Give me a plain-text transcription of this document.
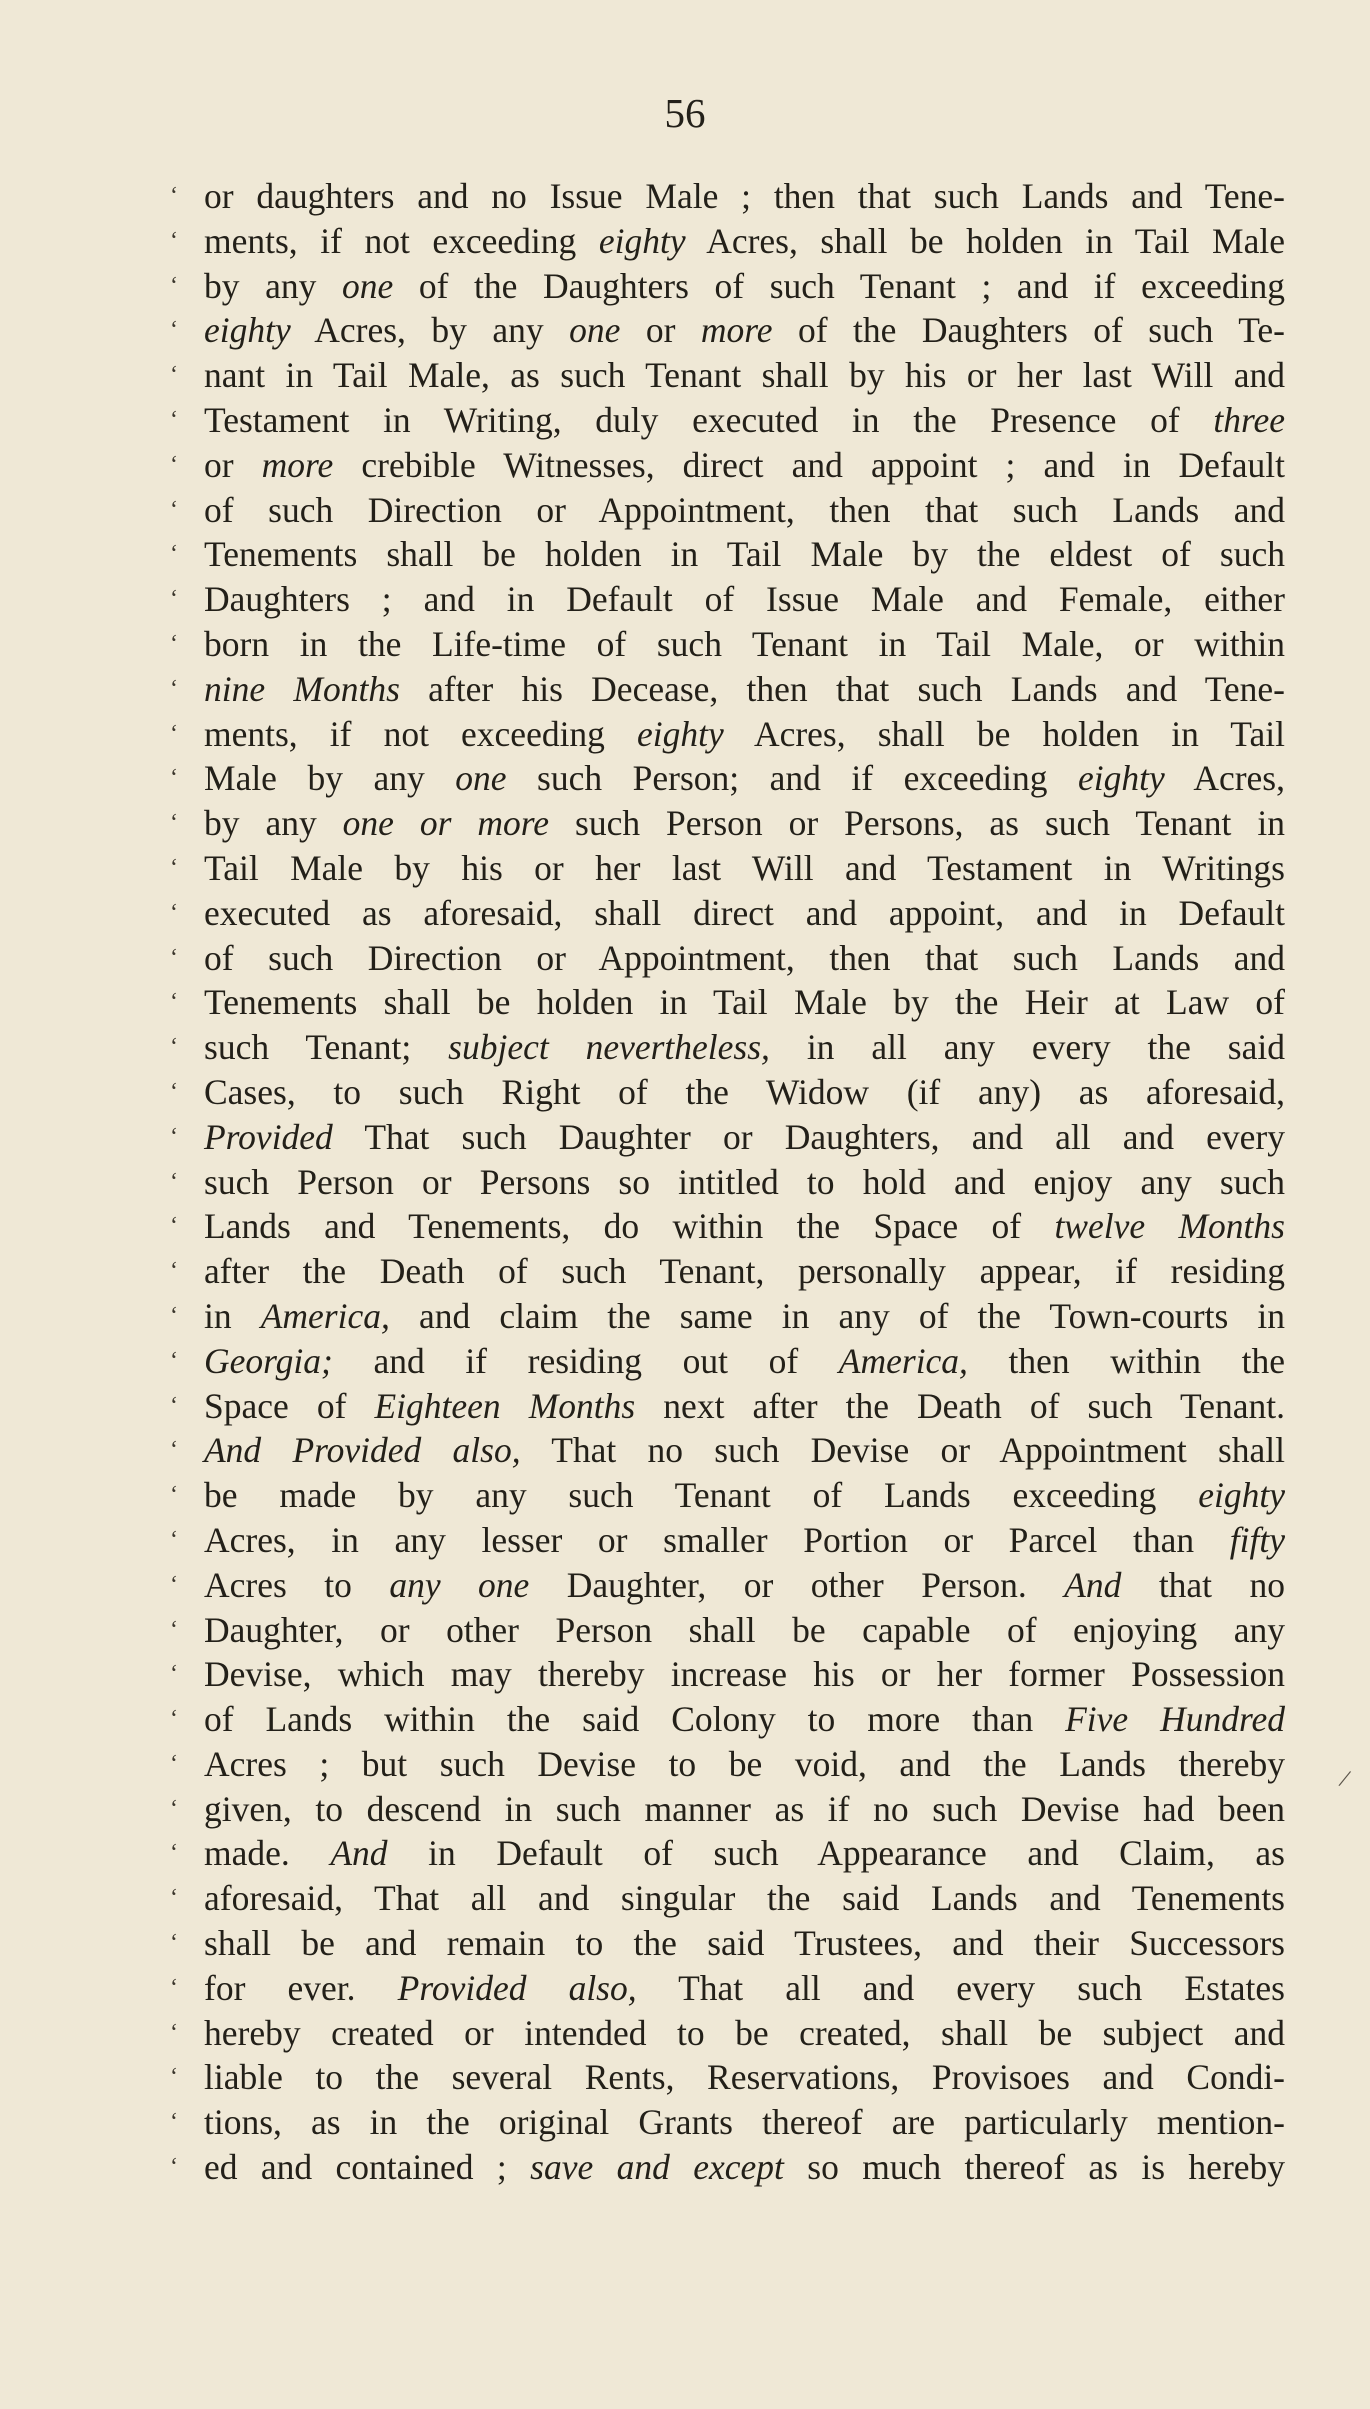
56
‘ or daughters and no Issue Male ; then that such Lands and Tene-
‘ ments, if not exceeding eighty Acres, shall be holden in Tail Male
‘ by any one of the Daughters of such Tenant ; and if exceeding
‘ eighty Acres, by any one or more of the Daughters of such Te-
‘ nant in Tail Male, as such Tenant shall by his or her last Will and
‘ Testament in Writing, duly executed in the Presence of three
‘ or more crebible Witnesses, direct and appoint ; and in Default
‘ of such Direction or Appointment, then that such Lands and
‘ Tenements shall be holden in Tail Male by the eldest of such
‘ Daughters ; and in Default of Issue Male and Female, either
‘ born in the Life-time of such Tenant in Tail Male, or within
‘ nine Months after his Decease, then that such Lands and Tene-
‘ ments, if not exceeding eighty Acres, shall be holden in Tail
‘ Male by any one such Person; and if exceeding eighty Acres,
‘ by any one or more such Person or Persons, as such Tenant in
‘ Tail Male by his or her last Will and Testament in Writings
‘ executed as aforesaid, shall direct and appoint, and in Default
‘ of such Direction or Appointment, then that such Lands and
‘ Tenements shall be holden in Tail Male by the Heir at Law of
‘ such Tenant; subject nevertheless, in all any every the said
‘ Cases, to such Right of the Widow (if any) as aforesaid,
‘ Provided That such Daughter or Daughters, and all and every
‘ such Person or Persons so intitled to hold and enjoy any such
‘ Lands and Tenements, do within the Space of twelve Months
‘ after the Death of such Tenant, personally appear, if residing
‘ in America, and claim the same in any of the Town-courts in
‘ Georgia; and if residing out of America, then within the
‘ Space of Eighteen Months next after the Death of such Tenant.
‘ And Provided also, That no such Devise or Appointment shall
‘ be made by any such Tenant of Lands exceeding eighty
‘ Acres, in any lesser or smaller Portion or Parcel than fifty
‘ Acres to any one Daughter, or other Person. And that no
‘ Daughter, or other Person shall be capable of enjoying any
‘ Devise, which may thereby increase his or her former Possession
‘ of Lands within the said Colony to more than Five Hundred
‘ Acres ; but such Devise to be void, and the Lands thereby
‘ given, to descend in such manner as if no such Devise had been
‘ made. And in Default of such Appearance and Claim, as
‘ aforesaid, That all and singular the said Lands and Tenements
‘ shall be and remain to the said Trustees, and their Successors
‘ for ever. Provided also, That all and every such Estates
‘ hereby created or intended to be created, shall be subject and
‘ liable to the several Rents, Reservations, Provisoes and Condi-
‘ tions, as in the original Grants thereof are particularly mention-
‘ ed and contained ; save and except so much thereof as is hereby
/
